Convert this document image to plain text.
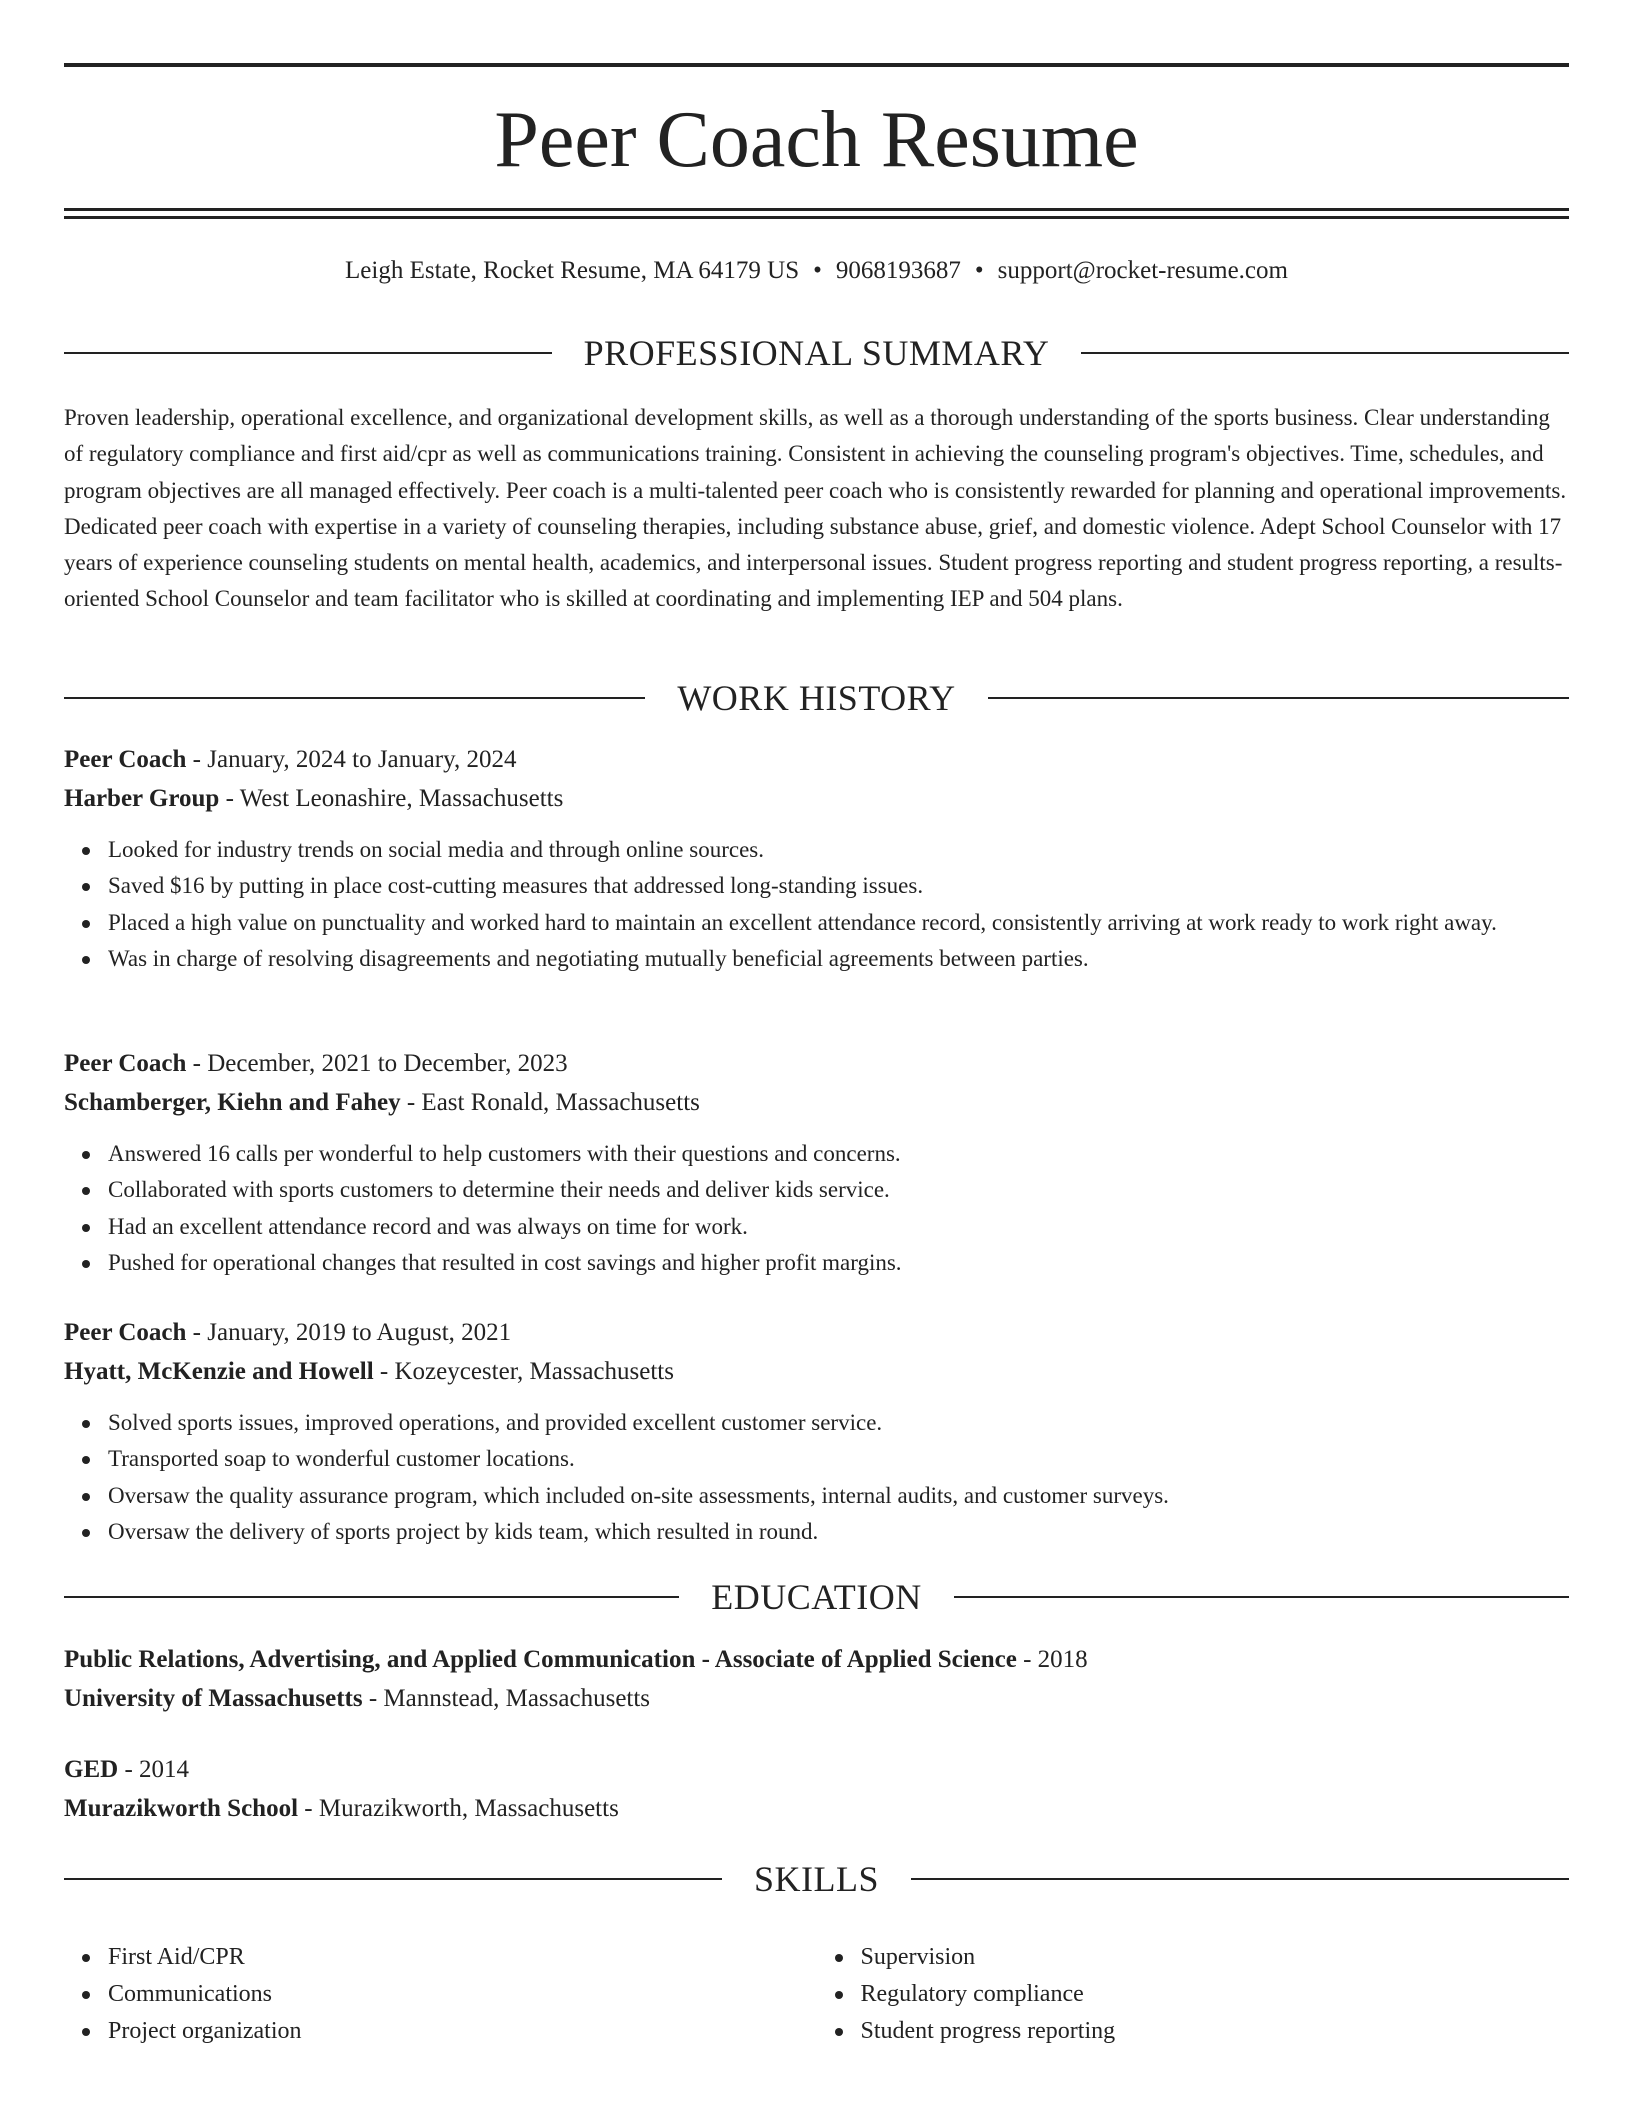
Peer Coach Resume
Leigh Estate, Rocket Resume, MA 64179 US • 9068193687 • support@rocket-resume.com
PROFESSIONAL SUMMARY

Proven leadership, operational excellence, and organizational development skills, as well as a thorough understanding of the sports business. Clear understanding of regulatory compliance and first aid/cpr as well as communications training. Consistent in achieving the counseling program's objectives. Time, schedules, and program objectives are all managed effectively. Peer coach is a multi-talented peer coach who is consistently rewarded for planning and operational improvements. Dedicated peer coach with expertise in a variety of counseling therapies, including substance abuse, grief, and domestic violence. Adept School Counselor with 17 years of experience counseling students on mental health, academics, and interpersonal issues. Student progress reporting and student progress reporting, a results-oriented School Counselor and team facilitator who is skilled at coordinating and implementing IEP and 504 plans.

WORK HISTORY
Peer Coach - January, 2024 to January, 2024
Harber Group - West Leonashire, Massachusetts
Looked for industry trends on social media and through online sources.
Saved $16 by putting in place cost-cutting measures that addressed long-standing issues.
Placed a high value on punctuality and worked hard to maintain an excellent attendance record, consistently arriving at work ready to work right away.
Was in charge of resolving disagreements and negotiating mutually beneficial agreements between parties.
Peer Coach - December, 2021 to December, 2023
Schamberger, Kiehn and Fahey - East Ronald, Massachusetts
Answered 16 calls per wonderful to help customers with their questions and concerns.
Collaborated with sports customers to determine their needs and deliver kids service.
Had an excellent attendance record and was always on time for work.
Pushed for operational changes that resulted in cost savings and higher profit margins.
Peer Coach - January, 2019 to August, 2021
Hyatt, McKenzie and Howell - Kozeycester, Massachusetts
Solved sports issues, improved operations, and provided excellent customer service.
Transported soap to wonderful customer locations.
Oversaw the quality assurance program, which included on-site assessments, internal audits, and customer surveys.
Oversaw the delivery of sports project by kids team, which resulted in round.
EDUCATION
Public Relations, Advertising, and Applied Communication - Associate of Applied Science - 2018
University of Massachusetts - Mannstead, Massachusetts
GED - 2014
Murazikworth School - Murazikworth, Massachusetts
SKILLS
First Aid/CPR
Communications
Project organization
Supervision
Regulatory compliance
Student progress reporting
